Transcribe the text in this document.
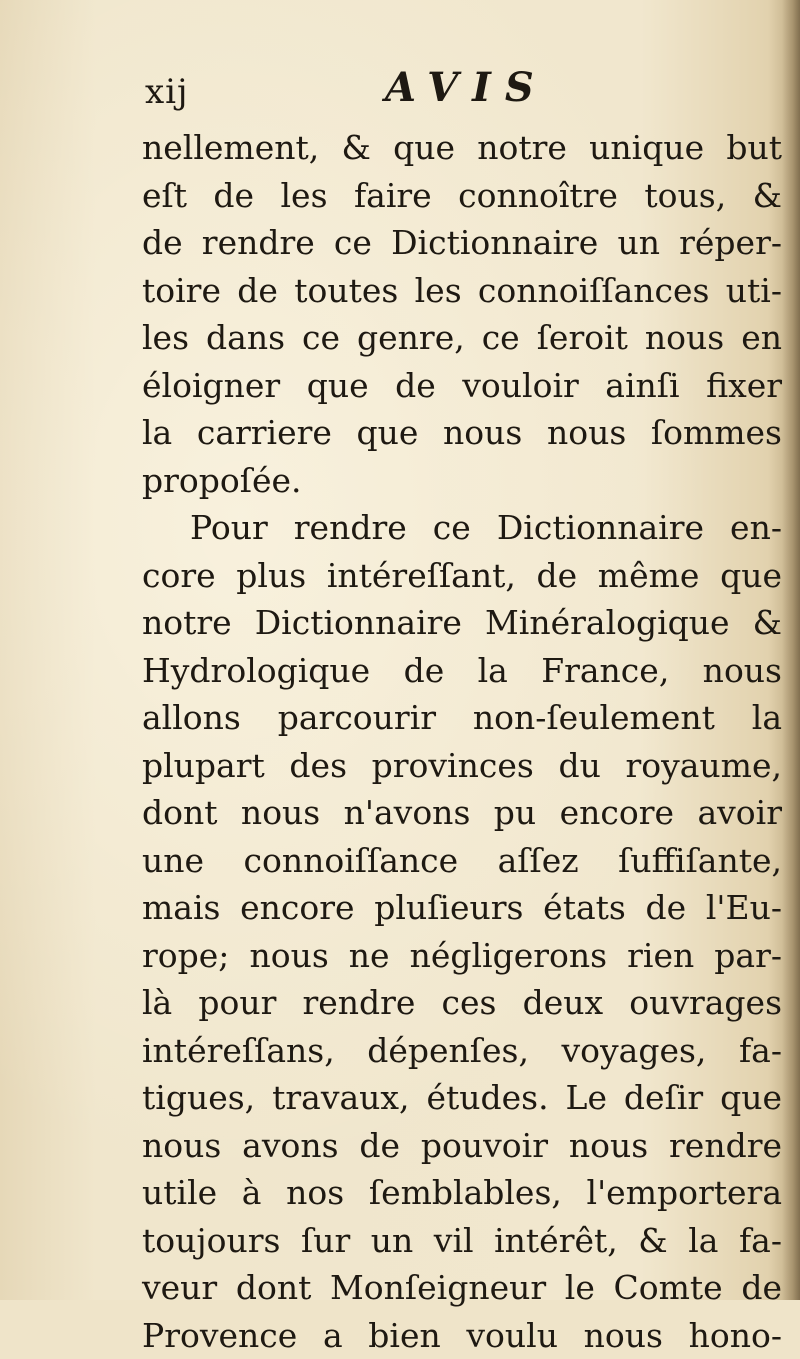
xij	AVIS
nellement, & que notre unique but
eſt de les faire connoître tous, &
de rendre ce Dictionnaire un réper-
toire de toutes les connoiſſances uti-
les dans ce genre, ce ſeroit nous en
éloigner que de vouloir ainſi fixer
la carriere que nous nous ſommes
propoſée.
Pour rendre ce Dictionnaire en-
core plus intéreſſant, de même que
notre Dictionnaire Minéralogique &
Hydrologique de la France, nous
allons parcourir non-ſeulement la
plupart des provinces du royaume,
dont nous n'avons pu encore avoir
une connoiſſance aſſez ſuffiſante,
mais encore pluſieurs états de l'Eu-
rope; nous ne négligerons rien par-
là pour rendre ces deux ouvrages
intéreſſans, dépenſes, voyages, fa-
tigues, travaux, études. Le deſir que
nous avons de pouvoir nous rendre
utile à nos ſemblables, l'emportera
toujours ſur un vil intérêt, & la fa-
veur dont Monſeigneur le Comte de
Provence a bien voulu nous hono-
